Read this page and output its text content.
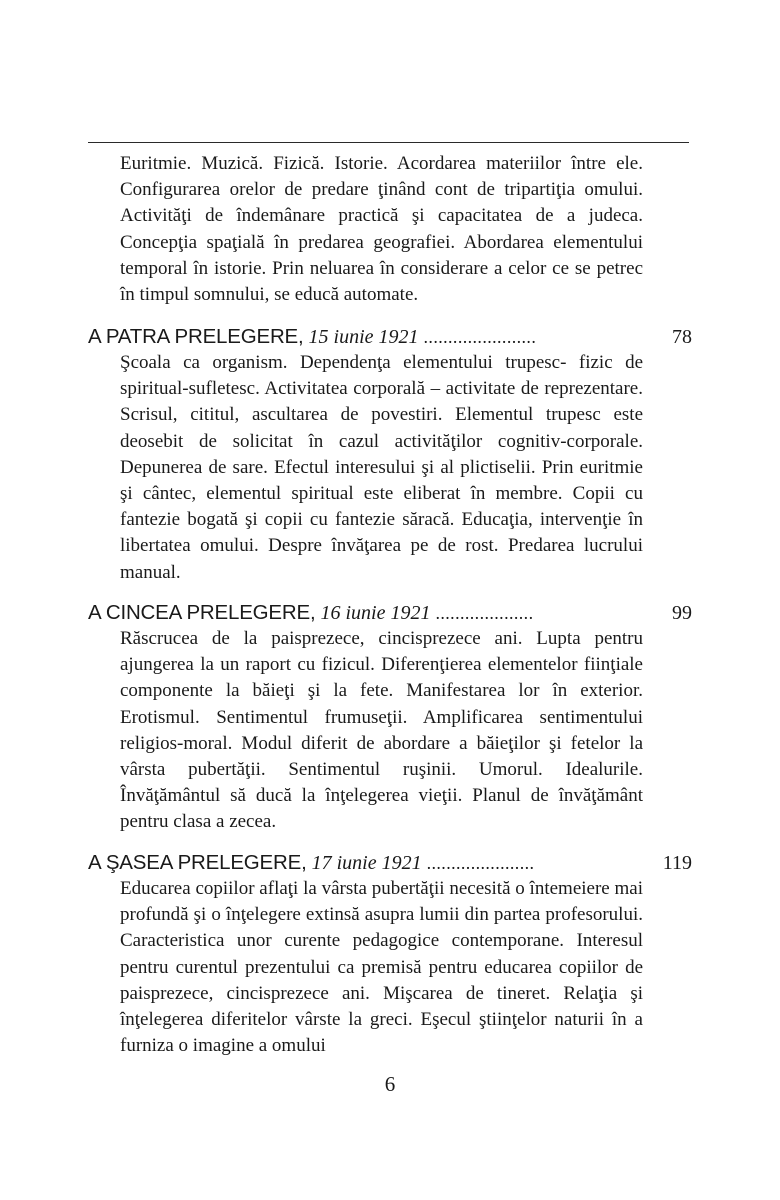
Euritmie. Muzică. Fizică. Istorie. Acordarea materiilor între ele. Configurarea orelor de predare ţinând cont de tripartiţia omului. Activităţi de îndemânare practică şi capacitatea de a judeca. Concepţia spaţială în predarea geografiei. Abordarea elementului temporal în istorie. Prin neluarea în considerare a celor ce se petrec în timpul somnului, se educă automate.

A PATRA PRELEGERE, 15 iunie 1921 .......................	78

Şcoala ca organism. Dependenţa elementului trupesc- fizic de spiritual-sufletesc. Activitatea corporală – activitate de reprezentare. Scrisul, cititul, ascultarea de povestiri. Elementul trupesc este deosebit de solicitat în cazul activităţilor cognitiv-corporale. Depunerea de sare. Efectul interesului şi al plictiselii. Prin euritmie şi cântec, elementul spiritual este eliberat în membre. Copii cu fantezie bogată şi copii cu fantezie săracă. Educaţia, intervenţie în libertatea omului. Despre învăţarea pe de rost. Predarea lucrului manual.

A CINCEA PRELEGERE, 16 iunie 1921 ....................	99

Răscrucea de la paisprezece, cincisprezece ani. Lupta pentru ajungerea la un raport cu fizicul. Diferenţierea elementelor fiinţiale componente la băieţi şi la fete. Manifestarea lor în exterior. Erotismul. Sentimentul frumuseţii. Amplificarea sentimentului religios-moral. Modul diferit de abordare a băieţilor şi fetelor la vârsta pubertăţii. Sentimentul ruşinii. Umorul. Idealurile. Învăţământul să ducă la înţelegerea vieţii. Planul de învăţământ pentru clasa a zecea.

A ŞASEA PRELEGERE, 17 iunie 1921 ......................	119

Educarea copiilor aflaţi la vârsta pubertăţii necesită o întemeiere mai profundă şi o înţelegere extinsă asupra lumii din partea profesorului. Caracteristica unor curente pedagogice contemporane. Interesul pentru curentul prezentului ca premisă pentru educarea copiilor de paisprezece, cincisprezece ani. Mişcarea de tineret. Relaţia şi înţelegerea diferitelor vârste la greci. Eşecul ştiinţelor naturii în a furniza o imagine a omului

6
